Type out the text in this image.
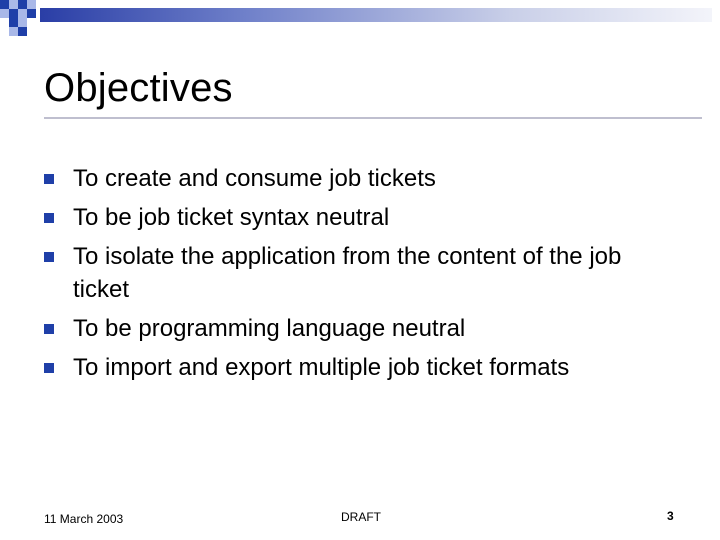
Objectives
To create and consume job tickets
To be job ticket syntax neutral
To isolate the application from the content of the job ticket
To be programming language neutral
To import and export multiple job ticket formats
11 March 2003	DRAFT	3
